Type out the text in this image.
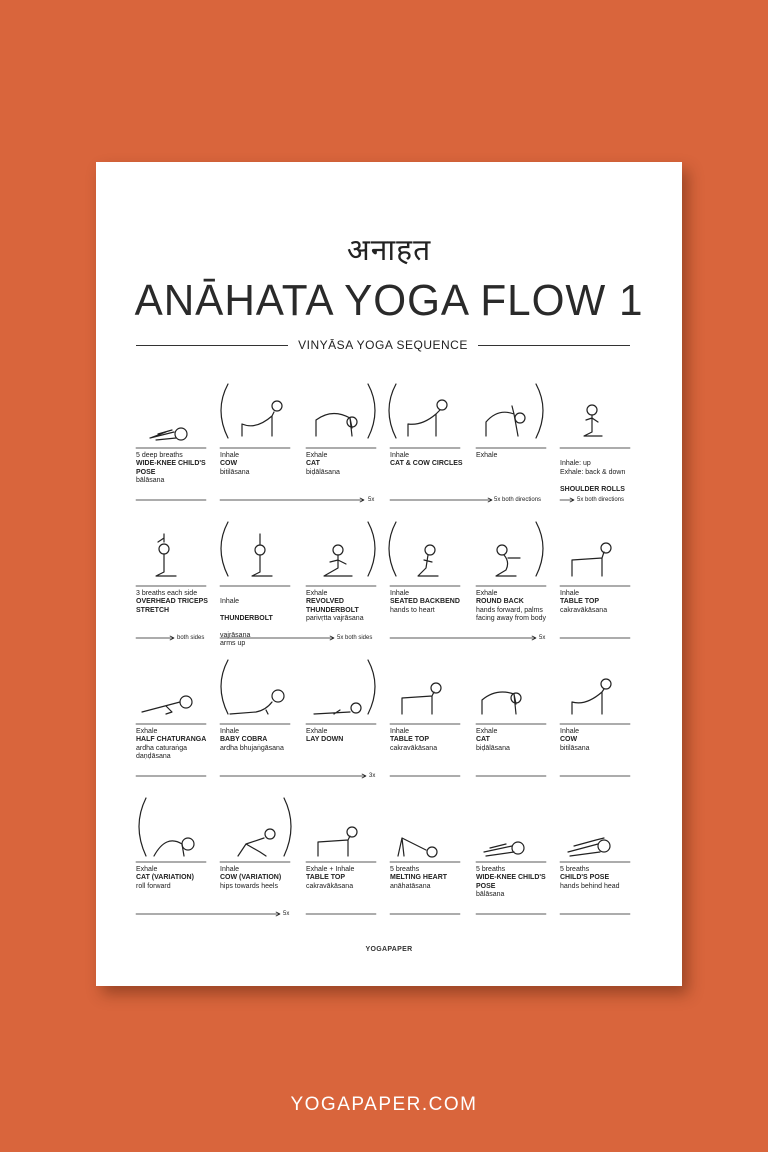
अनाहत
ANĀHATA YOGA FLOW 1
VINYĀSA YOGA SEQUENCE
5 deep breaths
WIDE-KNEE CHILD'S POSE
bālāsana
Inhale
COW
bitilāsana
Exhale
CAT
biḍālāsana
Inhale
CAT & COW CIRCLES
Exhale

Inhale: up
Exhale: back & down

SHOULDER ROLLS

5x	5x both directions	5x both directions
3 breaths each side
OVERHEAD TRICEPS STRETCH

Inhale

THUNDERBOLT

vajrāsana
arms up

Exhale
REVOLVED THUNDERBOLT
parivṛtta vajrāsana
Inhale
SEATED BACKBEND
hands to heart
Exhale
ROUND BACK
hands forward, palms facing away from body
Inhale
TABLE TOP
cakravākāsana
both sides	5x both sides	5x
Exhale
HALF CHATURANGA
ardha caturaṅga daṇḍāsana
Inhale
BABY COBRA
ardha bhujaṅgāsana
Exhale
LAY DOWN
Inhale
TABLE TOP
cakravākāsana
Exhale
CAT
biḍālāsana
Inhale
COW
bitilāsana
3x
Exhale
CAT (VARIATION)
roll forward
Inhale
COW (VARIATION)
hips towards heels
Exhale + Inhale
TABLE TOP
cakravākāsana
5 breaths
MELTING HEART
anāhatāsana
5 breaths
WIDE-KNEE CHILD'S POSE
bālāsana
5 breaths
CHILD'S POSE
hands behind head
5x
YOGAPAPER
YOGAPAPER.COM
